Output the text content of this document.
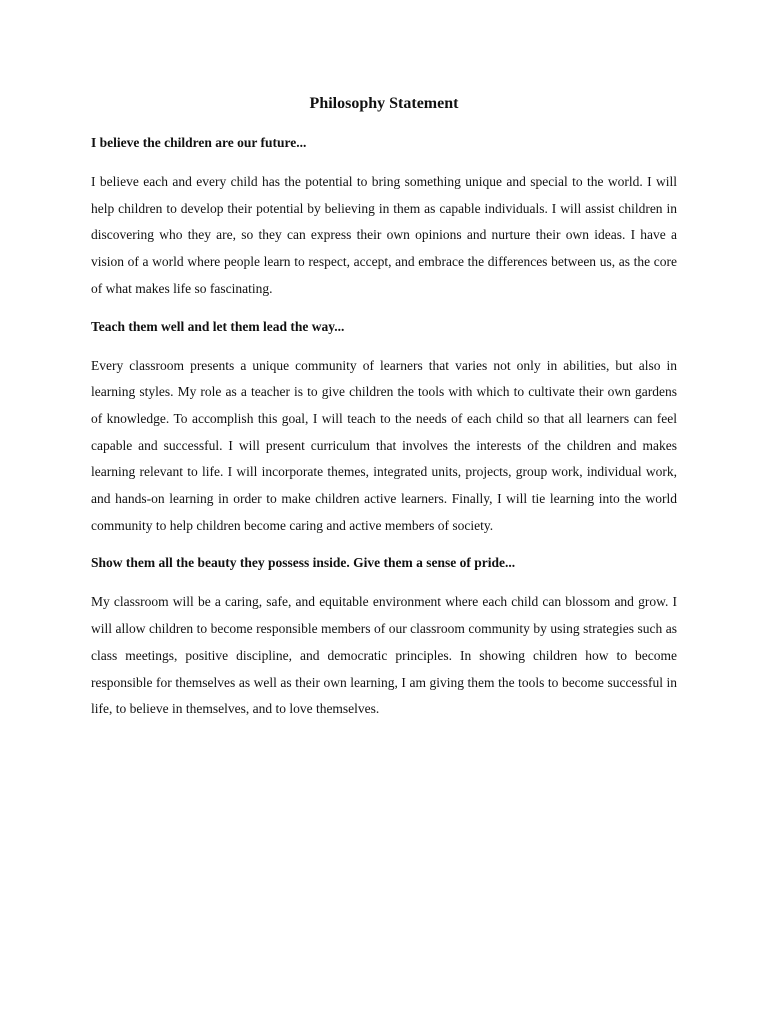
Philosophy Statement
I believe the children are our future...
I believe each and every child has the potential to bring something unique and special to the world. I will help children to develop their potential by believing in them as capable individuals. I will assist children in discovering who they are, so they can express their own opinions and nurture their own ideas. I have a vision of a world where people learn to respect, accept, and embrace the differences between us, as the core of what makes life so fascinating.
Teach them well and let them lead the way...
Every classroom presents a unique community of learners that varies not only in abilities, but also in learning styles. My role as a teacher is to give children the tools with which to cultivate their own gardens of knowledge. To accomplish this goal, I will teach to the needs of each child so that all learners can feel capable and successful. I will present curriculum that involves the interests of the children and makes learning relevant to life. I will incorporate themes, integrated units, projects, group work, individual work, and hands-on learning in order to make children active learners. Finally, I will tie learning into the world community to help children become caring and active members of society.
Show them all the beauty they possess inside. Give them a sense of pride...
My classroom will be a caring, safe, and equitable environment where each child can blossom and grow. I will allow children to become responsible members of our classroom community by using strategies such as class meetings, positive discipline, and democratic principles. In showing children how to become responsible for themselves as well as their own learning, I am giving them the tools to become successful in life, to believe in themselves, and to love themselves.
